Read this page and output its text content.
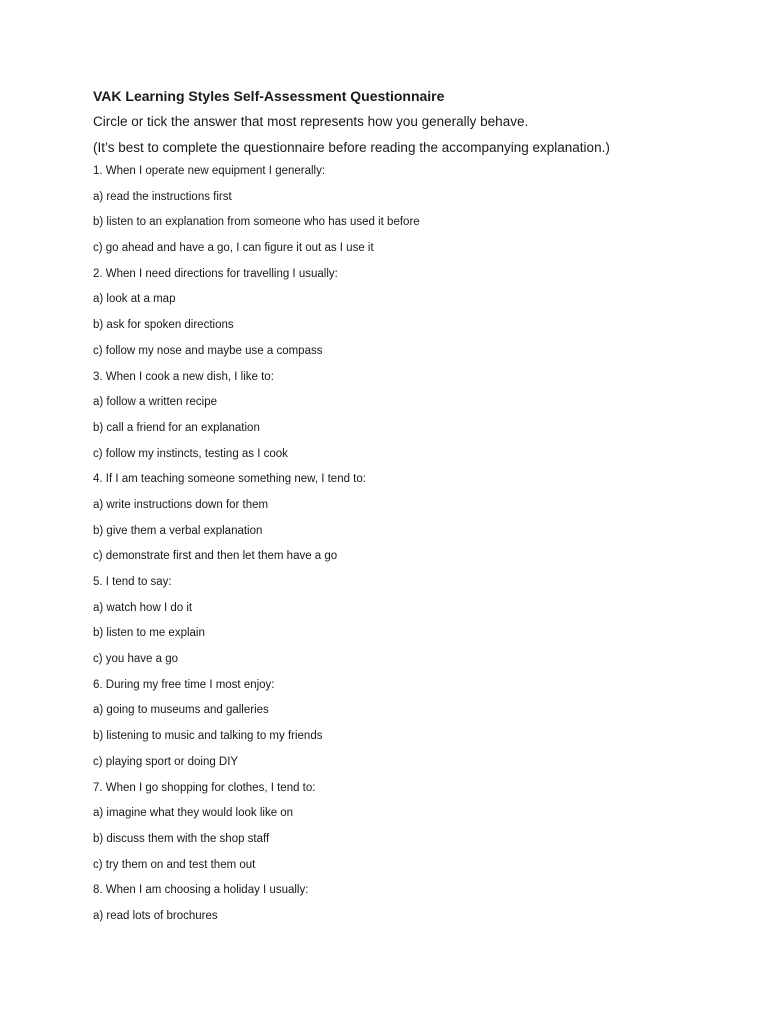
VAK Learning Styles Self-Assessment Questionnaire
Circle or tick the answer that most represents how you generally behave.
(It’s best to complete the questionnaire before reading the accompanying explanation.)
1. When I operate new equipment I generally:
a) read the instructions first
b) listen to an explanation from someone who has used it before
c) go ahead and have a go, I can figure it out as I use it
2. When I need directions for travelling I usually:
a) look at a map
b) ask for spoken directions
c) follow my nose and maybe use a compass
3. When I cook a new dish, I like to:
a) follow a written recipe
b) call a friend for an explanation
c) follow my instincts, testing as I cook
4. If I am teaching someone something new, I tend to:
a) write instructions down for them
b) give them a verbal explanation
c) demonstrate first and then let them have a go
5. I tend to say:
a) watch how I do it
b) listen to me explain
c) you have a go
6. During my free time I most enjoy:
a) going to museums and galleries
b) listening to music and talking to my friends
c) playing sport or doing DIY
7. When I go shopping for clothes, I tend to:
a) imagine what they would look like on
b) discuss them with the shop staff
c) try them on and test them out
8. When I am choosing a holiday I usually:
a) read lots of brochures
